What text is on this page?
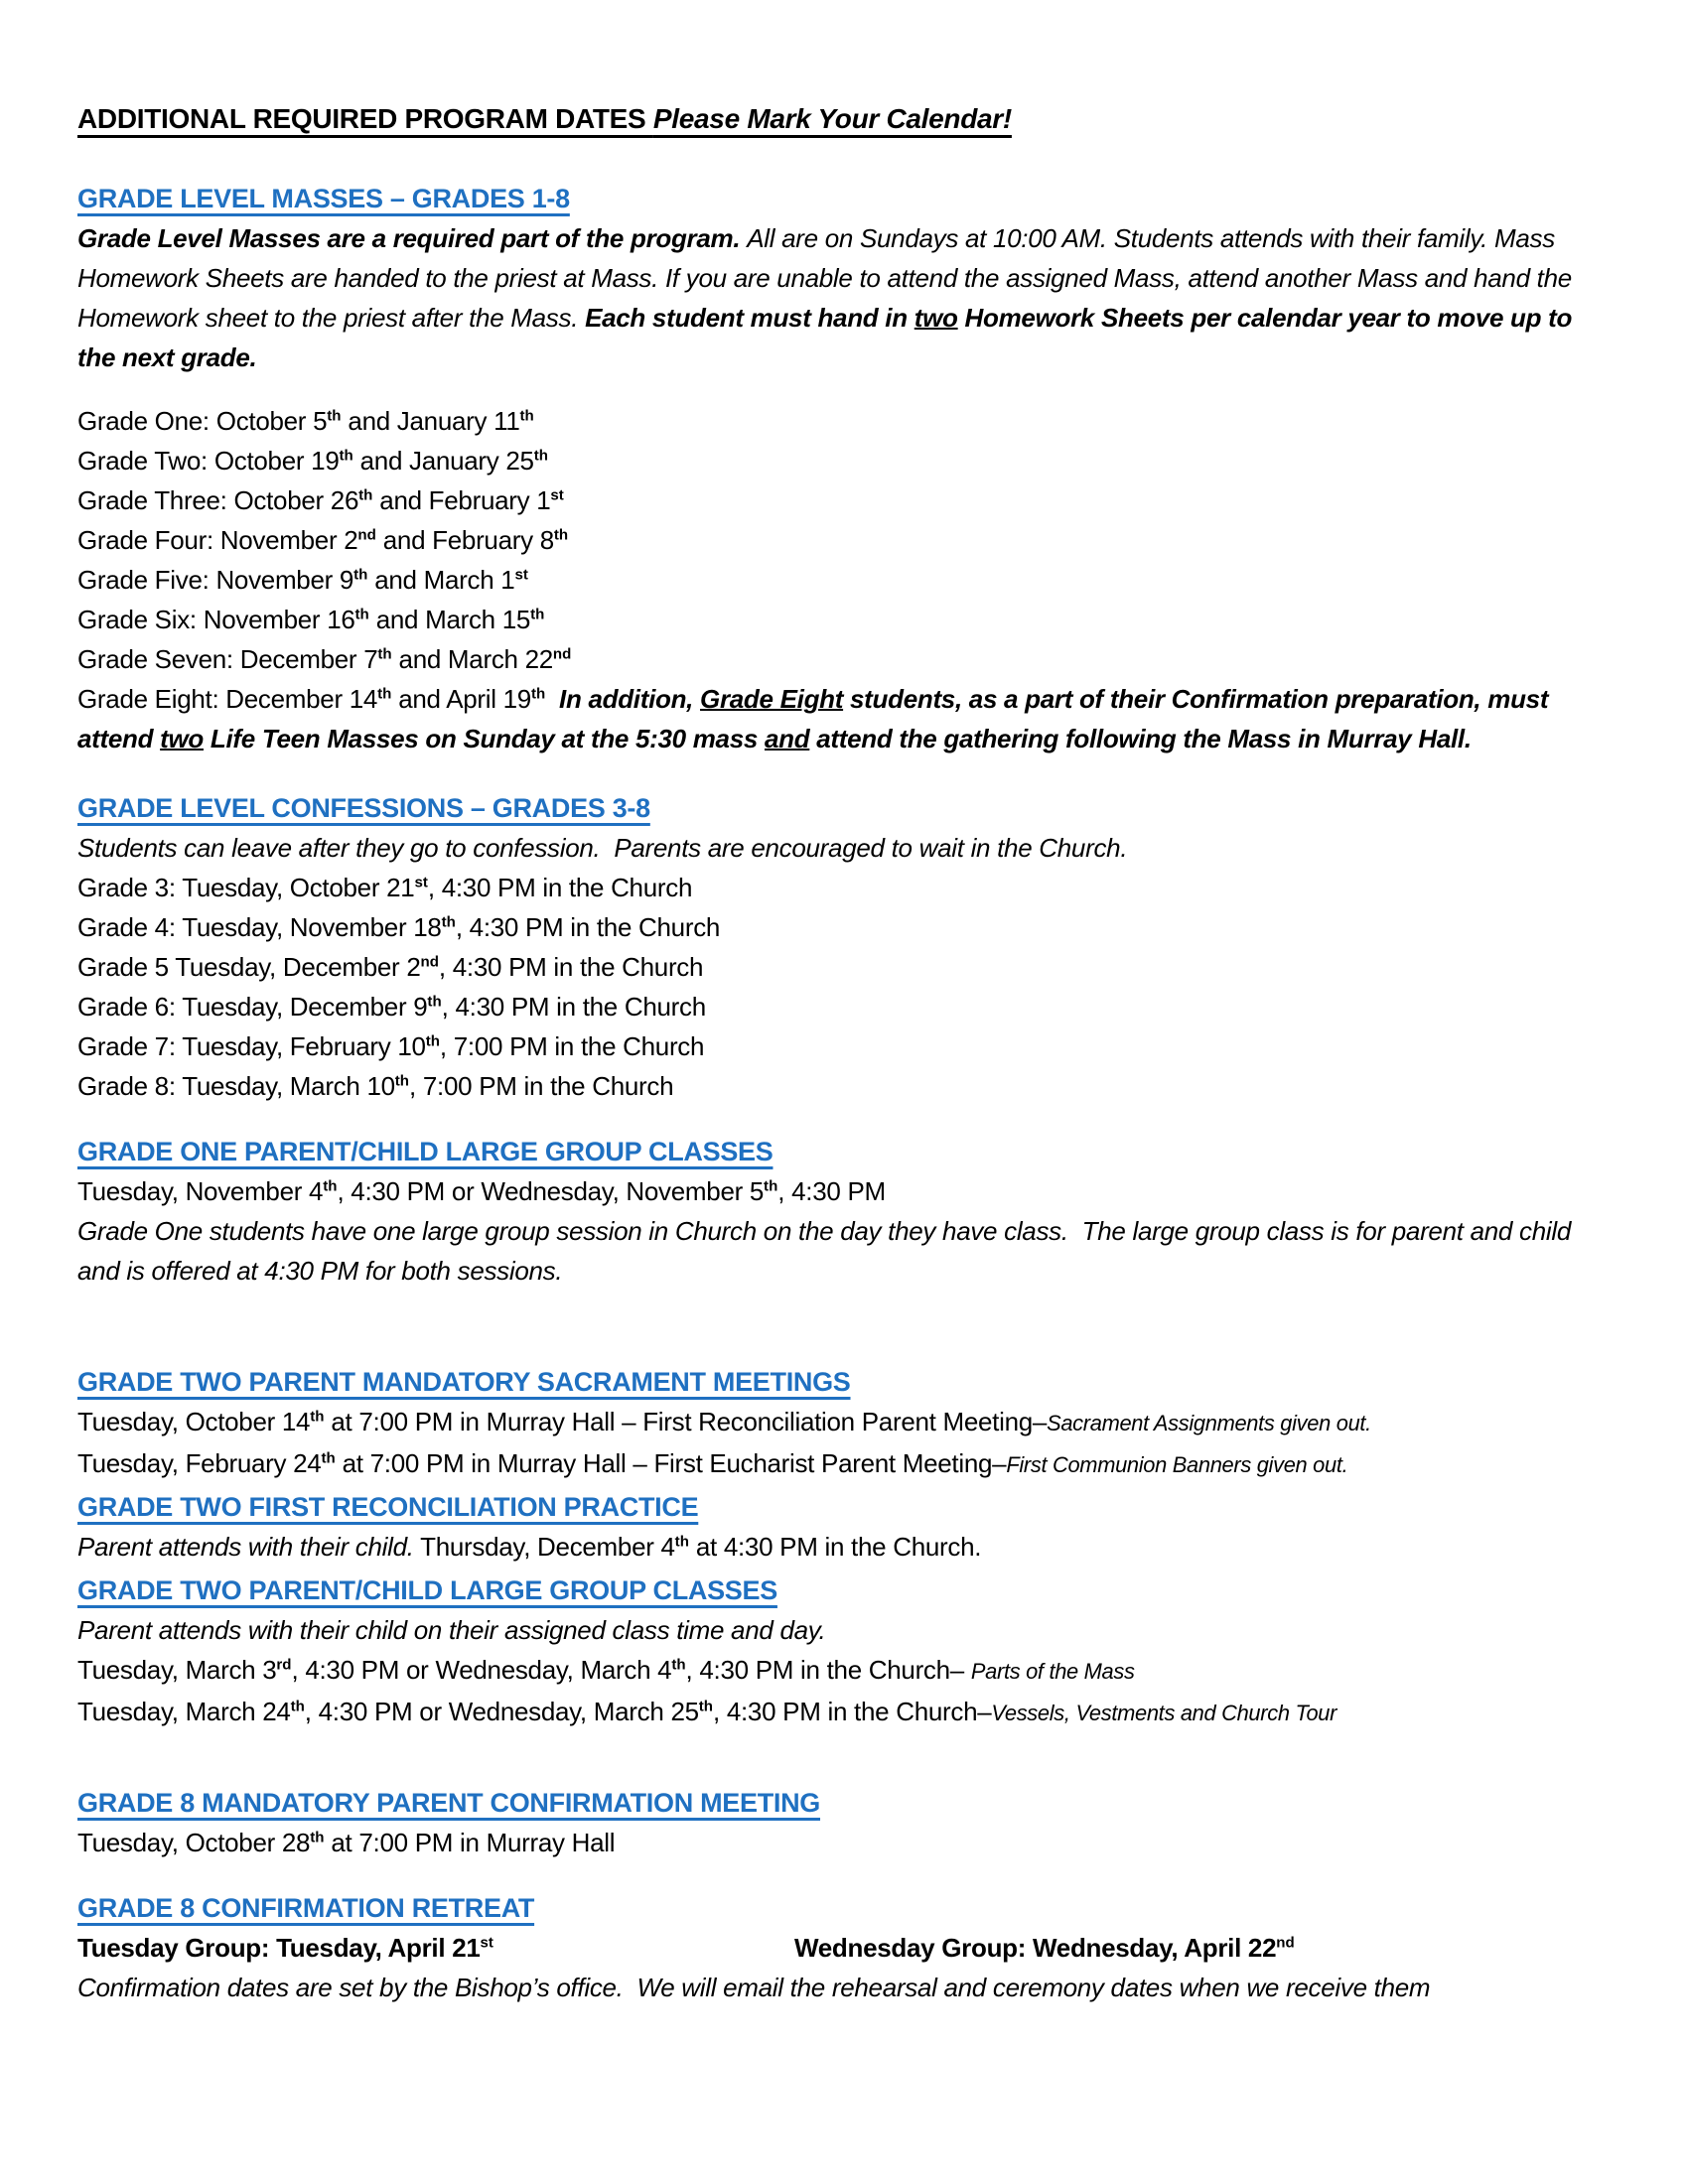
ADDITIONAL REQUIRED PROGRAM DATES Please Mark Your Calendar!

GRADE LEVEL MASSES – GRADES 1-8

Grade Level Masses are a required part of the program. All are on Sundays at 10:00 AM. Students attends with their family. Mass Homework Sheets are handed to the priest at Mass. If you are unable to attend the assigned Mass, attend another Mass and hand the Homework sheet to the priest after the Mass. Each student must hand in two Homework Sheets per calendar year to move up to the next grade.

Grade One: October 5th and January 11th

Grade Two: October 19th and January 25th

Grade Three: October 26th and February 1st

Grade Four: November 2nd and February 8th

Grade Five: November 9th and March 1st

Grade Six: November 16th and March 15th

Grade Seven: December 7th and March 22nd

Grade Eight: December 14th and April 19th  In addition, Grade Eight students, as a part of their Confirmation preparation, must attend two Life Teen Masses on Sunday at the 5:30 mass and attend the gathering following the Mass in Murray Hall.

GRADE LEVEL CONFESSIONS – GRADES 3-8

Students can leave after they go to confession.  Parents are encouraged to wait in the Church.

Grade 3: Tuesday, October 21st, 4:30 PM in the Church

Grade 4: Tuesday, November 18th, 4:30 PM in the Church

Grade 5 Tuesday, December 2nd, 4:30 PM in the Church

Grade 6: Tuesday, December 9th, 4:30 PM in the Church

Grade 7: Tuesday, February 10th, 7:00 PM in the Church

Grade 8: Tuesday, March 10th, 7:00 PM in the Church

GRADE ONE PARENT/CHILD LARGE GROUP CLASSES

Tuesday, November 4th, 4:30 PM or Wednesday, November 5th, 4:30 PM

Grade One students have one large group session in Church on the day they have class.  The large group class is for parent and child and is offered at 4:30 PM for both sessions.

GRADE TWO PARENT MANDATORY SACRAMENT MEETINGS

Tuesday, October 14th at 7:00 PM in Murray Hall – First Reconciliation Parent Meeting–Sacrament Assignments given out.

Tuesday, February 24th at 7:00 PM in Murray Hall – First Eucharist Parent Meeting–First Communion Banners given out.

GRADE TWO FIRST RECONCILIATION PRACTICE

Parent attends with their child. Thursday, December 4th at 4:30 PM in the Church.

GRADE TWO PARENT/CHILD LARGE GROUP CLASSES

Parent attends with their child on their assigned class time and day.

Tuesday, March 3rd, 4:30 PM or Wednesday, March 4th, 4:30 PM in the Church– Parts of the Mass

Tuesday, March 24th, 4:30 PM or Wednesday, March 25th, 4:30 PM in the Church–Vessels, Vestments and Church Tour

GRADE 8 MANDATORY PARENT CONFIRMATION MEETING

Tuesday, October 28th at 7:00 PM in Murray Hall

GRADE 8 CONFIRMATION RETREAT

Tuesday Group: Tuesday, April 21st	Wednesday Group: Wednesday, April 22nd

Confirmation dates are set by the Bishop’s office.  We will email the rehearsal and ceremony dates when we receive them
